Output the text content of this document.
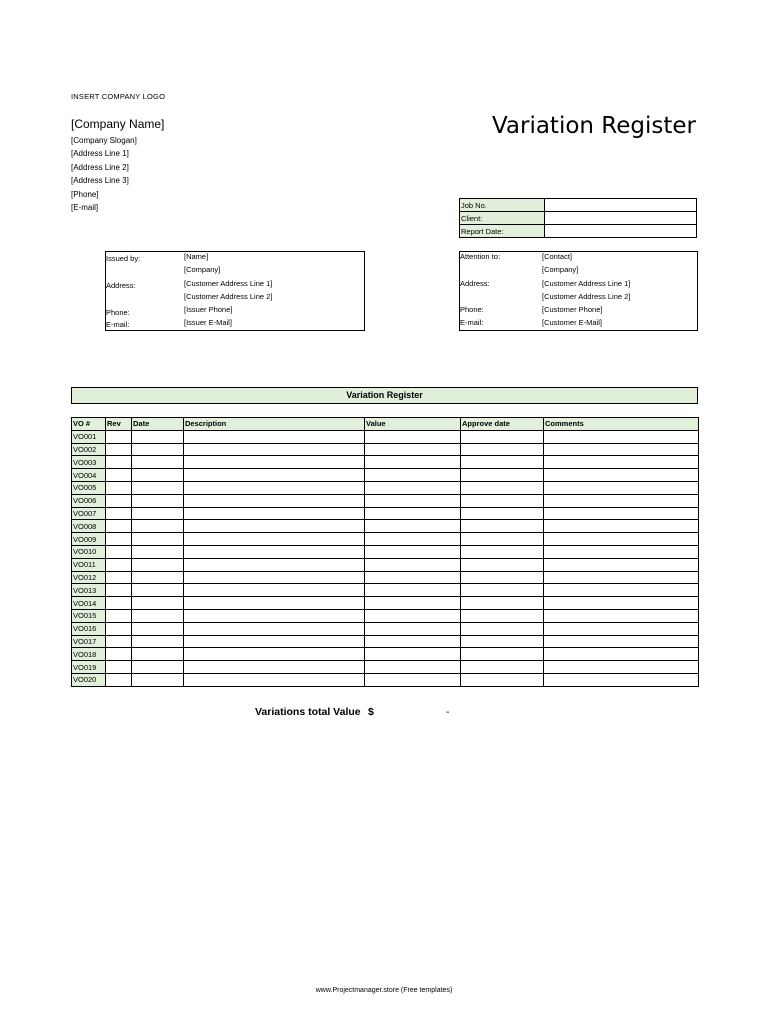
INSERT COMPANY LOGO
[Company Name]
[Company Slogan]
[Address Line 1]
[Address Line 2]
[Address Line 3]
[Phone]
[E-mail]
Variation Register
Job No.	
Client:	
Report Date:	
Issued by:	[Name]
[Company]
Address:	[Customer Address Line 1]
[Customer Address Line 2]
Phone:	[Issuer Phone]
E-mail:	[Issuer E-Mail]
Attention to:	[Contact]
[Company]
Address:	[Customer Address Line 1]
[Customer Address Line 2]
Phone:	[Customer Phone]
E-mail:	[Customer E-Mail]
Variation Register
VO #	Rev	Date	Description	Value	Approve date	Comments
VO001						
VO002						
VO003						
VO004						
VO005						
VO006						
VO007						
VO008						
VO009						
VO010						
VO011						
VO012						
VO013						
VO014						
VO015						
VO016						
VO017						
VO018						
VO019						
VO020						
Variations total Value $	-
www.Projectmanager.store (Free templates)
